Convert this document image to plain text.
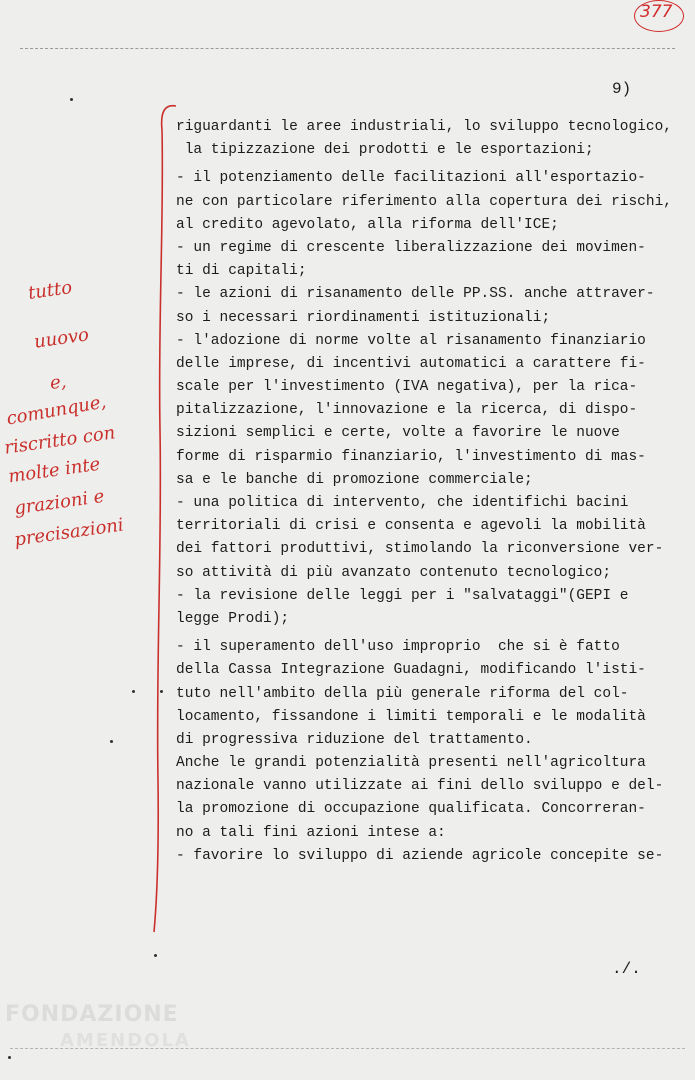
377
9)
tutto
uuovo
e,
comunque,
riscritto con
molte inte
grazioni e
precisazioni
riguardanti le aree industriali, lo sviluppo tecnologico,
la tipizzazione dei prodotti e le esportazioni;
- il potenziamento delle facilitazioni all'esportazio-
ne con particolare riferimento alla copertura dei rischi,
al credito agevolato, alla riforma dell'ICE;
- un regime di crescente liberalizzazione dei movimen-
ti di capitali;
- le azioni di risanamento delle PP.SS. anche attraver-
so i necessari riordinamenti istituzionali;
- l'adozione di norme volte al risanamento finanziario
delle imprese, di incentivi automatici a carattere fi-
scale per l'investimento (IVA negativa), per la rica-
pitalizzazione, l'innovazione e la ricerca, di dispo-
sizioni semplici e certe, volte a favorire le nuove
forme di risparmio finanziario, l'investimento di mas-
sa e le banche di promozione commerciale;
- una politica di intervento, che identifichi bacini
territoriali di crisi e consenta e agevoli la mobilità
dei fattori produttivi, stimolando la riconversione ver-
so attività di più avanzato contenuto tecnologico;
- la revisione delle leggi per i "salvataggi"(GEPI e
legge Prodi);
- il superamento dell'uso improprio  che si è fatto
della Cassa Integrazione Guadagni, modificando l'isti-
tuto nell'ambito della più generale riforma del col-
locamento, fissandone i limiti temporali e le modalità
di progressiva riduzione del trattamento.
Anche le grandi potenzialità presenti nell'agricoltura
nazionale vanno utilizzate ai fini dello sviluppo e del-
la promozione di occupazione qualificata. Concorreran-
no a tali fini azioni intese a:
- favorire lo sviluppo di aziende agricole concepite se-
./.
FONDAZIONE
AMENDOLA
